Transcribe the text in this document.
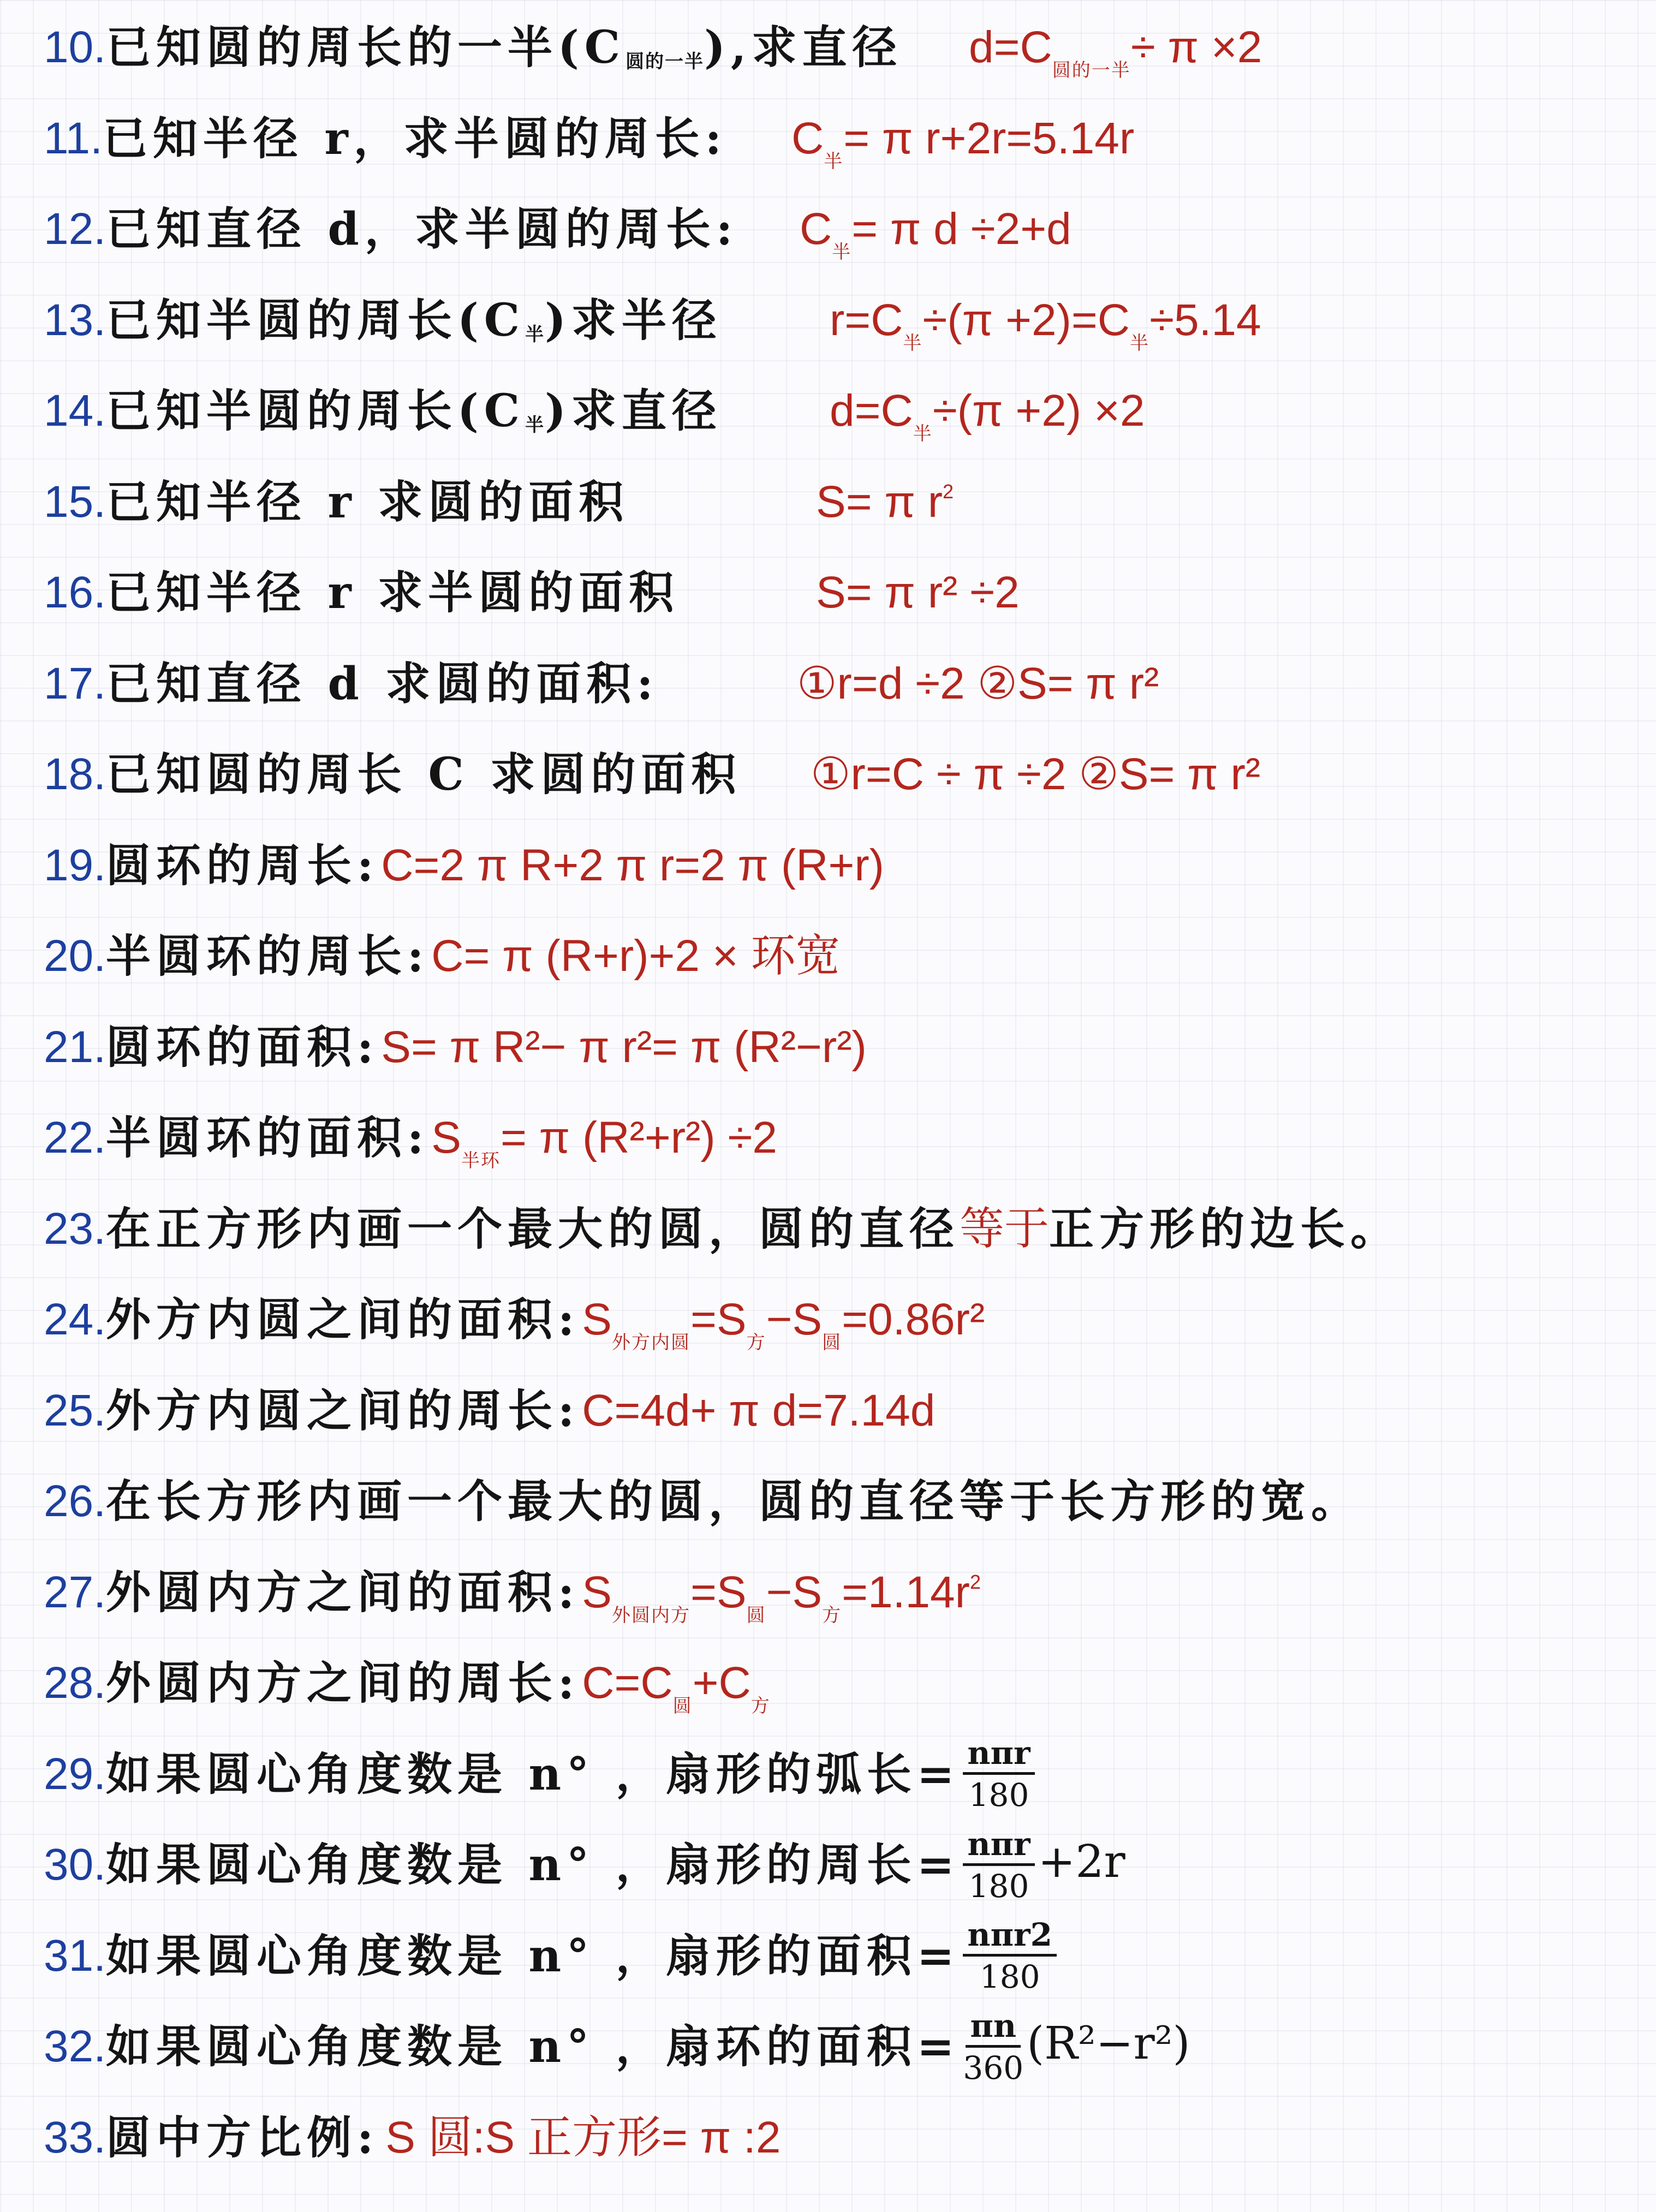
10. 已知圆的周长的一半(C 圆的一半 ),求直径 $d=C_{圆的一半}\div \pi \times 2$
11. 已知半径 r，求半圆的周长: $C_半= \pi$ r+2r=5.14r
12. 已知直径 d，求半圆的周长: $C_半= \pi$ d ÷2+d
13. 已知半圆的周长(C 半 )求半径 $r=C_半\div(\pi +2)=C_半\div 5.14$
14. 已知半圆的周长(C 半 )求直径 $d=C_半\div(\pi +2) \times 2$
15. 已知半径 r 求圆的面积	S= π $r^2$
16. 已知半径 r 求半圆的面积	S= π r² ÷2
17. 已知直径 d 求圆的面积:	①r=d ÷2 ②S= π r²
18. 已知圆的周长 C 求圆的面积 ①r=C ÷ π ÷2 ②S= π r²
19. 圆环的周长: C=2 π R+2 π r=2 π (R+r)
20. 半圆环的周长: C= π (R+r)+2 × 环宽
21. 圆环的面积: S= π R²− π r²= π (R²−r²)
22. 半圆环的面积: $S_{半环}= \pi$ (R²+r²) ÷2
23. 在正方形内画一个最大的圆，圆的直径 等于 正方形的边长。
24. 外方内圆之间的面积: $S_{外方内圆}=S_方-S_圆=0.86r^2$
25. 外方内圆之间的周长: C=4d+ π d=7.14d
26. 在长方形内画一个最大的圆，圆的直径等于长方形的宽。
27. 外圆内方之间的面积: $S_{外圆内方}=S_圆-S_方=1.14r^2$
28. 外圆内方之间的周长: $C=C_圆+C_方$
29. 如果圆心角度数是 n° ，扇形的弧长= $\frac{\text{nπr}}{180}$
30. 如果圆心角度数是 n° ，扇形的周长= $\frac{\text{nπr}}{180} +2r$
31. 如果圆心角度数是 n° ，扇形的面积= $\frac{\text{nπr2}}{180}$
32. 如果圆心角度数是 n° ，扇环的面积= $\frac{\pi n}{360} (R^2-r^2)$
33. 圆中方比例: S 圆:S 正方形= π :2
